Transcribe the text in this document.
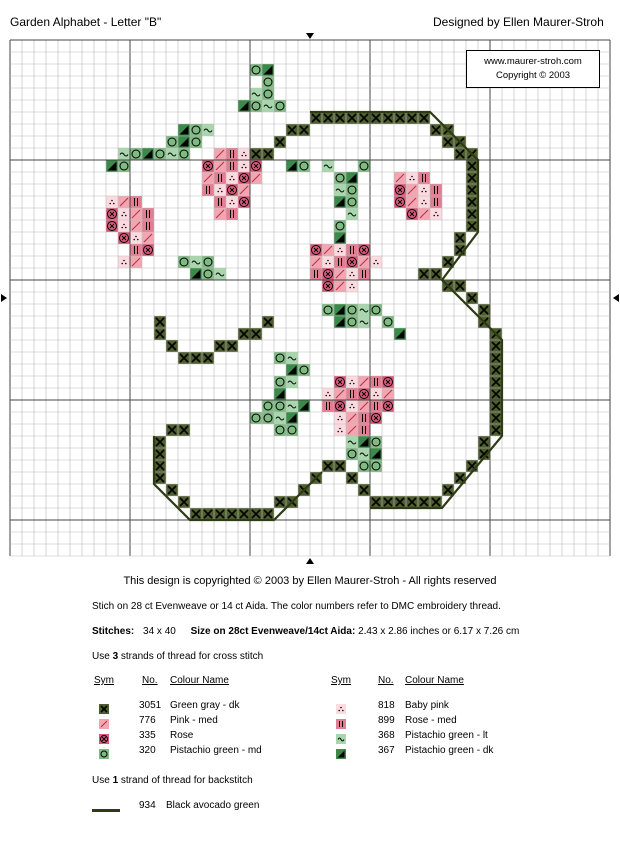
Garden Alphabet - Letter "B"	Designed by Ellen Maurer-Stroh
www.maurer-stroh.com
Copyright © 2003
This design is copyrighted © 2003 by Ellen Maurer-Stroh - All rights reserved
Stich on 28 ct Evenweave or 14 ct Aida. The color numbers refer to DMC embroidery thread.
Stitches: 34 x 40 Size on 28ct Evenweave/14ct Aida: 2.43 x 2.86 inches or 6.17 x 7.26 cm
Use 3 strands of thread for cross stitch
Sym	No. Colour Name	Sym	No. Colour Name
3051 Green gray - dk
776 Pink - med
335 Rose
320 Pistachio green - md
818 Baby pink
899 Rose - med
368 Pistachio green - lt
367 Pistachio green - dk
Use 1 strand of thread for backstitch
934 Black avocado green
